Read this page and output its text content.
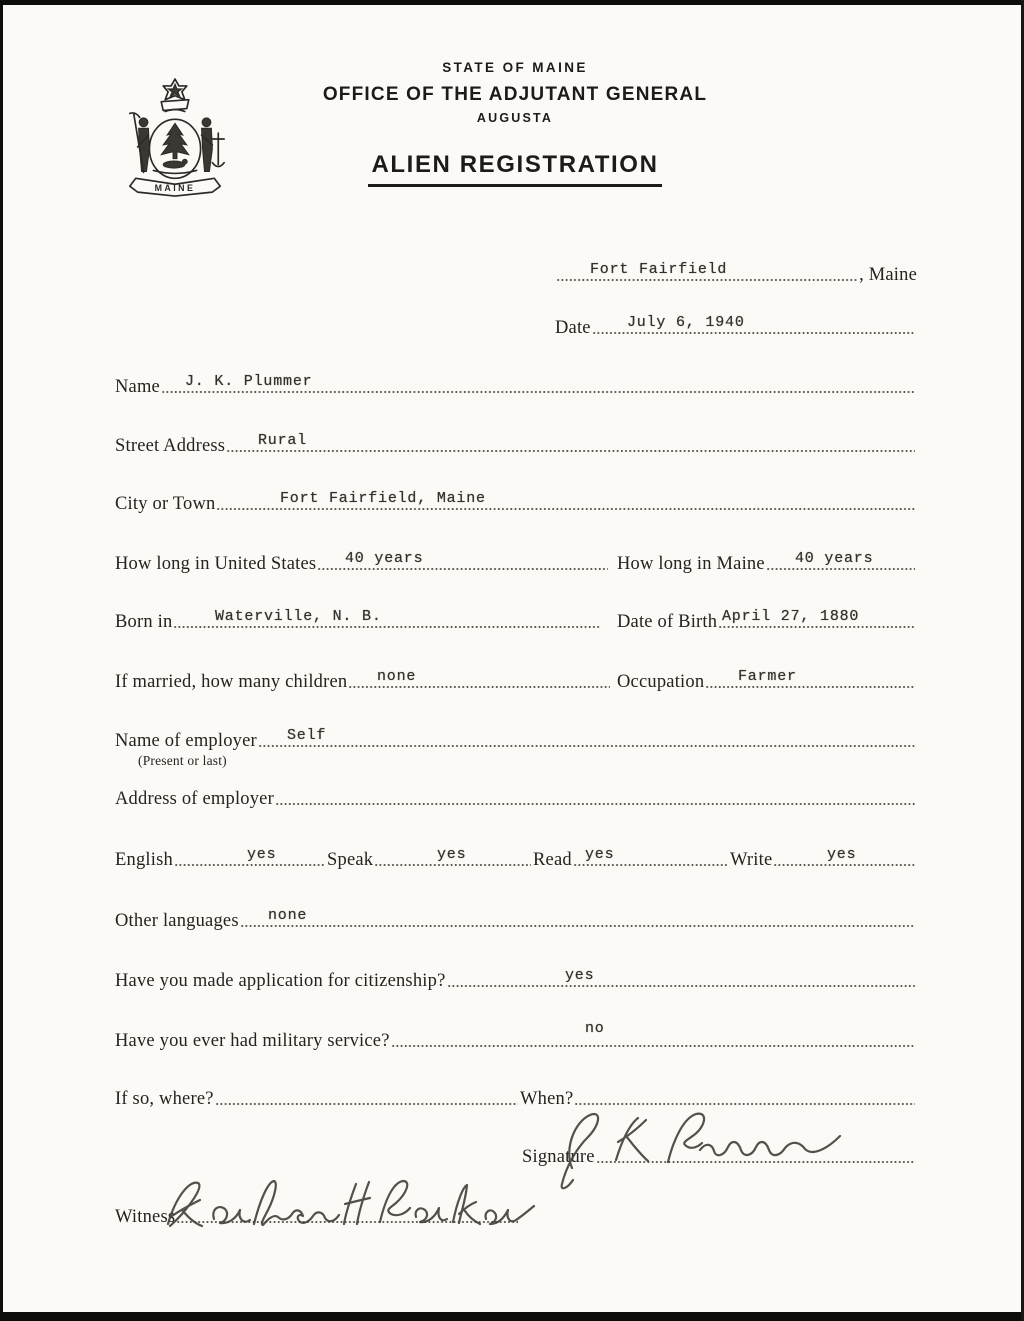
MAINE
STATE OF MAINE
OFFICE OF THE ADJUTANT GENERAL
AUGUSTA
ALIEN REGISTRATION
, Maine
Fort Fairfield
Date July 6, 1940
Name J. K. Plummer
Street Address Rural
City or Town	Fort Fairfield, Maine
How long in United States 40 years	How long in Maine 40 years
Born in	Waterville, N. B.	Date of Birth April 27, 1880
If married, how many children none	Occupation Farmer
Name of employer Self
(Present or last)
Address of employer
English	yes	Speak	yes	Read yes	Write	yes
Other languages none
Have you made application for citizenship?	yes
Have you ever had military service?
no
If so, where?	When?
Signature
Witness
